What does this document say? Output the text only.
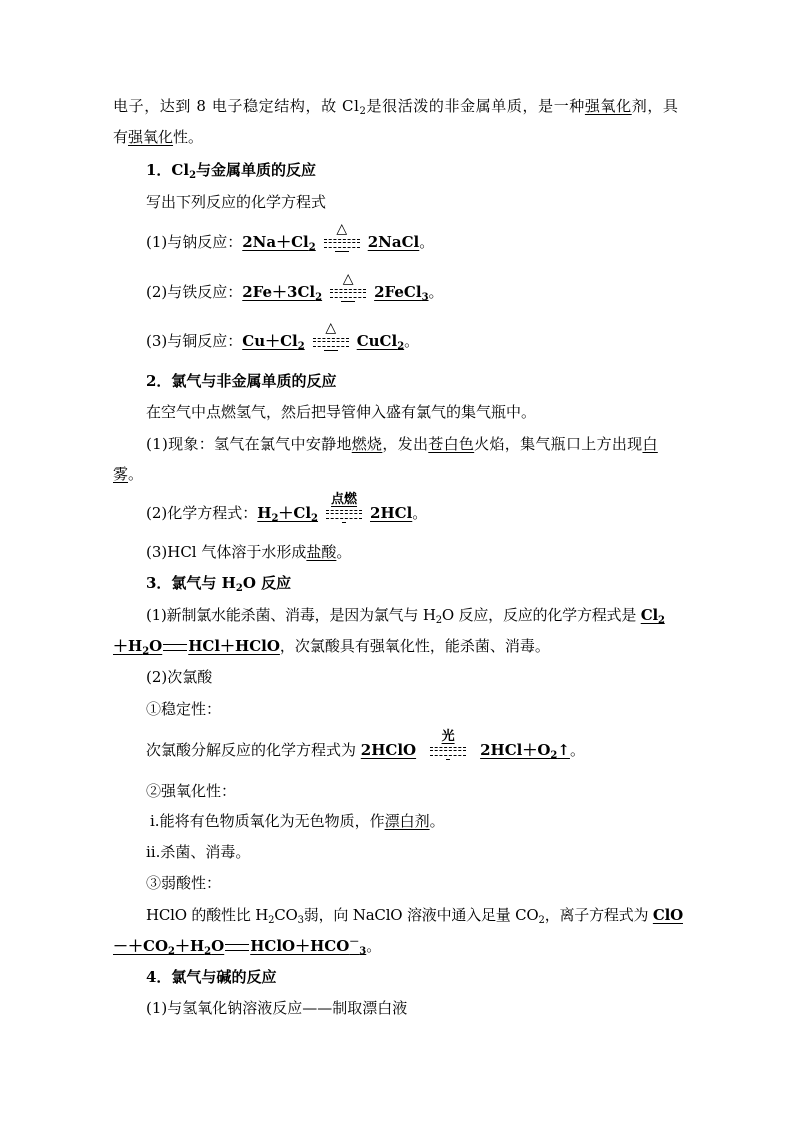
电子，达到 8 电子稳定结构，故 $Cl_2$是很活泼的非金属单质，是一种强氧化剂，具
有强氧化性。
1．$Cl_2$与金属单质的反应
写出下列反应的化学方程式
(1)与钠反应：$2Na+Cl_2$
△
2NaCl。
(2)与铁反应：$2Fe+3Cl_2$
△
2FeCl$_3$。
(3)与铜反应：$Cu+Cl_2$
△
CuCl$_2$。
2．氯气与非金属单质的反应
在空气中点燃氢气，然后把导管伸入盛有氯气的集气瓶中。
(1)现象：氢气在氯气中安静地燃烧，发出苍白色火焰，集气瓶口上方出现白
雾。
(2)化学方程式：$H_2+Cl_2$
点燃
2HCl。
(3)HCl 气体溶于水形成盐酸。
3．氯气与 $H_2O$ 反应
(1)新制氯水能杀菌、消毒，是因为氯气与 $H_2O$ 反应，反应的化学方程式是 $Cl_2$
$+H_2O$ HCl＋HClO，次氯酸具有强氧化性，能杀菌、消毒。
(2)次氯酸
①稳定性：
次氯酸分解反应的化学方程式为 2HClO
光
$2HCl+O_2↑$。
②强氧化性：
ⅰ.能将有色物质氧化为无色物质，作漂白剂。
ⅱ.杀菌、消毒。
③弱酸性：
HClO 的酸性比 $H_2CO_3$弱，向 NaClO 溶液中通入足量 $CO_2$，离子方程式为 ClO
$-+CO_2+H_2O$ $HClO+HCO^-_3$。
4．氯气与碱的反应
(1)与氢氧化钠溶液反应——制取漂白液
